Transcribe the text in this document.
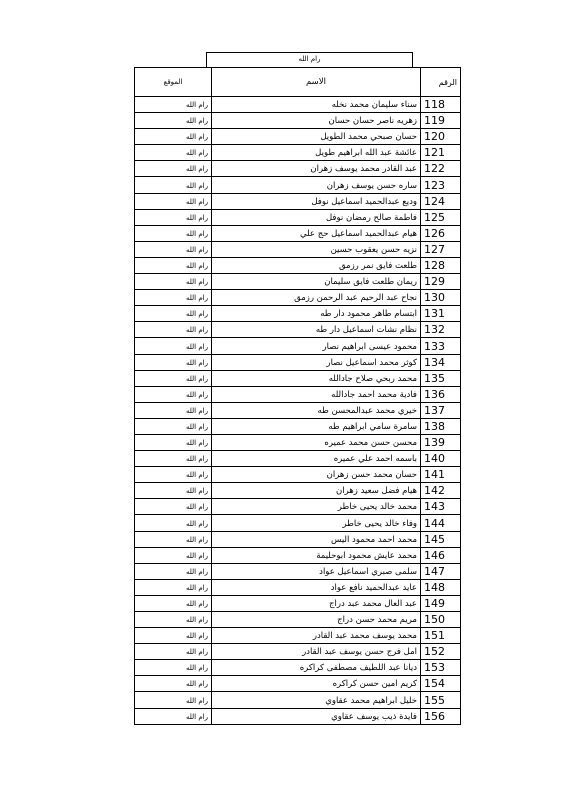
رام الله
الرقم	الاسم	الموقع
118	سناء سليمان محمد نخله	رام الله
119	زهريه ناصر حسان حسان	رام الله
120	حسان صبحي محمد الطويل	رام الله
121	عائشة عبد الله ابراهيم طويل	رام الله
122	عبد القادر محمد يوسف زهران	رام الله
123	ساره حسن يوسف زهران	رام الله
124	وديع عبدالحميد اسماعيل نوفل	رام الله
125	فاطمة صالح رمضان نوفل	رام الله
126	هيام عبدالحميد اسماعيل حج علي	رام الله
127	نزيه حسن يعقوب حسين	رام الله
128	طلعت فايق نمر رزمق	رام الله
129	ريمان طلعت فايق سليمان	رام الله
130	نجاح عبد الرحيم عبد الرحمن رزمق	رام الله
131	ابتسام طاهر محمود دار طه	رام الله
132	نظام نشات اسماعيل دار طه	رام الله
133	محمود عيسى ابراهيم نصار	رام الله
134	كوثر محمد اسماعيل نصار	رام الله
135	محمد ربحي صلاح جادالله	رام الله
136	فادية محمد احمد جادالله	رام الله
137	خيري محمد عبدالمحسن طه	رام الله
138	سامرة سامي ابراهيم طه	رام الله
139	محسن حسن محمد عميره	رام الله
140	باسمه احمد علي عميره	رام الله
141	حسان محمد حسن زهران	رام الله
142	هيام فضل سعيد زهران	رام الله
143	محمد خالد يحيى خاطر	رام الله
144	وفاء خالد يحيى خاطر	رام الله
145	محمد احمد محمود اليس	رام الله
146	محمد عايش محمود ابوحليمة	رام الله
147	سلمى صبري اسماعيل عواد	رام الله
148	عايد عبدالحميد نافع عواد	رام الله
149	عبد العال محمد عبد دراج	رام الله
150	مريم محمد حسن دراج	رام الله
151	محمد يوسف محمد عبد القادر	رام الله
152	امل فرج حسن يوسف عبد القادر	رام الله
153	ديانا عبد اللطيف مصطفى كراكره	رام الله
154	كريم امين حسن كراكره	رام الله
155	خليل ابراهيم محمد عقاوي	رام الله
156	فايدة ذيب يوسف عقاوي	رام الله
